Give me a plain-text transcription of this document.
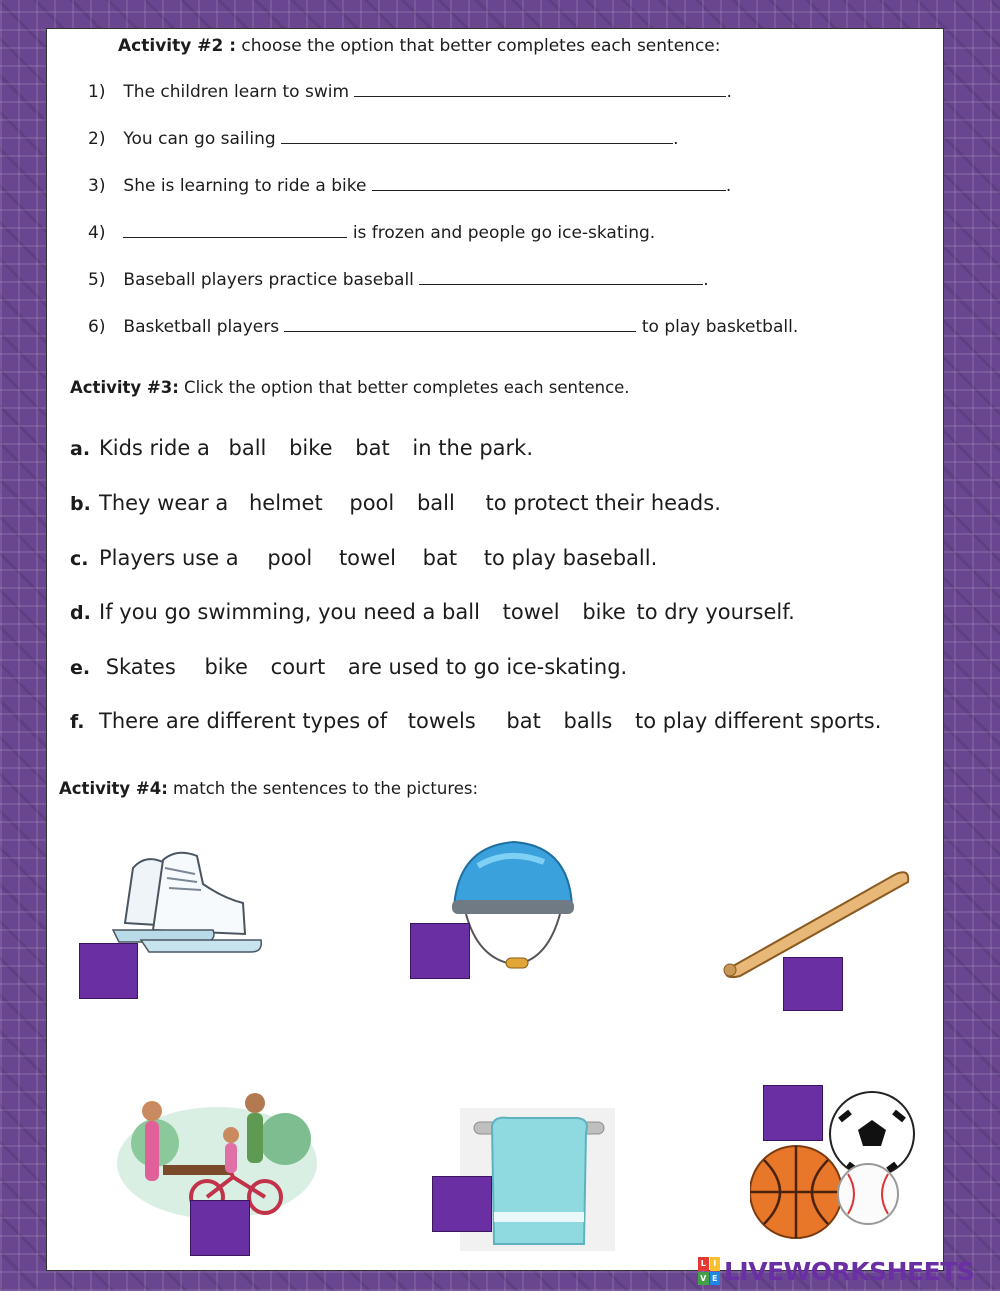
Activity #2 : choose the option that better completes each sentence:
1) The children learn to swim	.
2) You can go sailing	.
3) She is learning to ride a bike	.
4)	is frozen and people go ice-skating.
5) Baseball players practice baseball	.
6) Basketball players	to play basketball.
Activity #3: Click the option that better completes each sentence.
a. Kids ride a ball bike bat in the park.
b. They wear a helmet pool ball to protect their heads.
c. Players use a pool towel bat to play baseball.
d. If you go swimming, you need a ball towel bike to dry yourself.
e. Skates bike court are used to go ice-skating.
f. There are different types of towels bat balls to play different sports.
Activity #4: match the sentences to the pictures:
L I
V E LIVEWORKSHEETS
